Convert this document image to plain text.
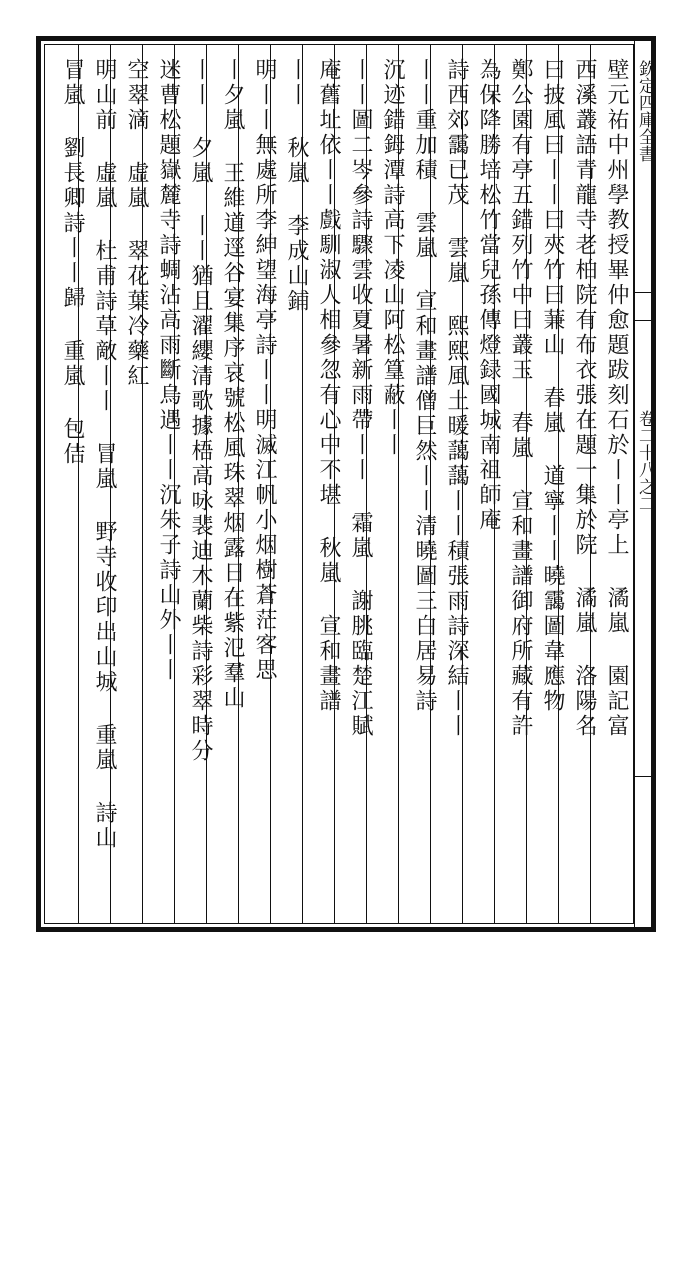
欽定四庫全書
卷二十八之二
壁元祐中州學教授畢仲愈題跋刻石於丨丨亭上 潏嵐 園記富
西溪叢語青龍寺老柏院有布衣張在題一集於院 潏嵐 洛陽名
曰披風曰丨丨曰夾竹曰蒹山 春嵐 道寧丨丨曉靄圖韋應物
鄭公園有亭五錯列竹中曰叢玉 春嵐 宣和畫譜御府所藏有許
為保降勝培松竹當兒孫傳燈録國城南祖師庵
詩西郊靄已茂 雲嵐 熙熙風土暖藹藹丨丨積張雨詩深結丨丨
丨丨重加積 雲嵐 宣和畫譜僧巨然丨丨清曉圖三白居易詩
沉迹錯鉧潭詩高下凌山阿松篁蔽丨丨
丨丨圖二岑參詩驟雲收夏暑新雨帶丨丨 霜嵐 謝朓臨楚江賦
庵舊址依丨丨戲馴淑人相參忽有心中不堪 秋嵐 宣和畫譜
丨丨 秋嵐 李成山鋪
明丨丨無處所李紳望海亭詩丨丨明滅江帆小烟樹蒼茫客思
丨夕嵐 王維道逕谷宴集序哀號松風珠翠烟露日在紫氾羣山
丨丨 夕嵐 丨丨猶且濯纓清歌據梧高咏裴迪木蘭柴詩彩翠時分
迷曹松題嶽麓寺詩蜩沾高雨斷烏遇丨丨沉朱子詩山外丨丨
空翠滴 虛嵐 翠花葉冷藥紅
明山前 虛嵐 杜甫詩草敵丨丨 冒嵐 野寺收印出山城 重嵐 詩山
冒嵐 劉長卿詩丨丨歸 重嵐 包佶
